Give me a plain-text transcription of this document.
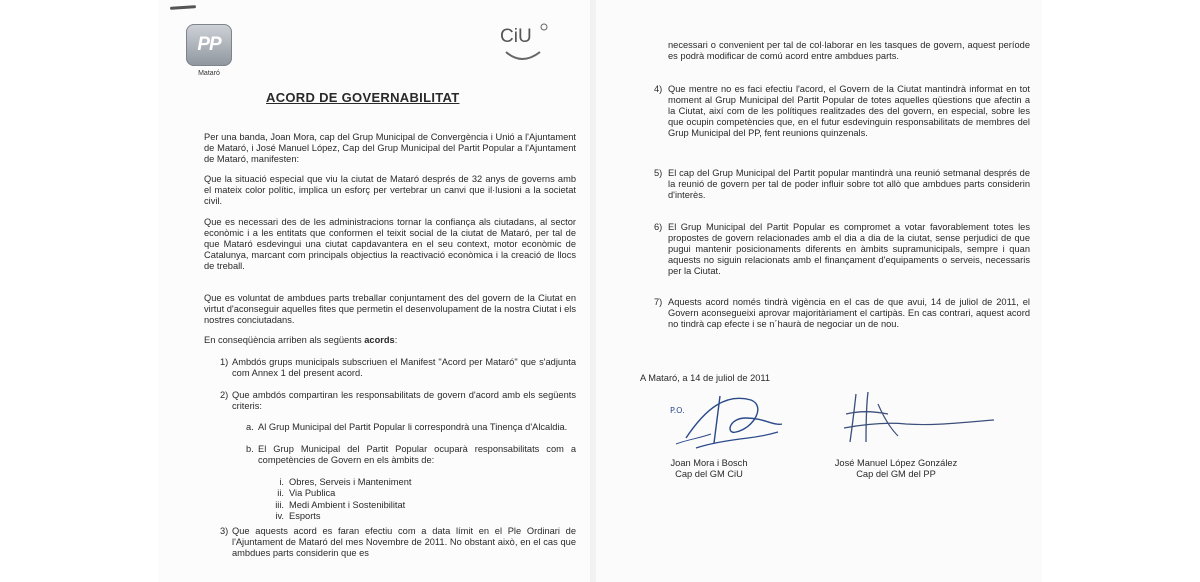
PP
Mataró
CiU
ACORD DE GOVERNABILITAT
Per una banda, Joan Mora, cap del Grup Municipal de Convergència i Unió a l'Ajuntament de Mataró, i José Manuel López, Cap del Grup Municipal del Partit Popular a l'Ajuntament de Mataró, manifesten:
Que la situació especial que viu la ciutat de Mataró després de 32 anys de governs amb el mateix color polític, implica un esforç per vertebrar un canvi que il·lusioni a la societat civil.
Que es necessari des de les administracions tornar la confiança als ciutadans, al sector econòmic i a les entitats que conformen el teixit social de la ciutat de Mataró, per tal de que Mataró esdevingui una ciutat capdavantera en el seu context, motor econòmic de Catalunya, marcant com principals objectius la reactivació econòmica i la creació de llocs de treball.
Que es voluntat de ambdues parts treballar conjuntament des del govern de la Ciutat en virtut d'aconseguir aquelles fites que permetin el desenvolupament de la nostra Ciutat i els nostres conciutadans.
En conseqüència arriben als següents acords:
1) Ambdós grups municipals subscriuen el Manifest "Acord per Mataró" que s'adjunta com Annex 1 del present acord.
2) Que ambdós compartiran les responsabilitats de govern d'acord amb els següents criteris:
a. Al Grup Municipal del Partit Popular li correspondrà una Tinença d'Alcaldia.
b. El Grup Municipal del Partit Popular ocuparà responsabilitats com a competències de Govern en els àmbits de:
i. Obres, Serveis i Manteniment
ii. Via Publica
iii. Medi Ambient i Sostenibilitat
iv. Esports
3) Que aquests acord es faran efectiu com a data límit en el Ple Ordinari de l'Ajuntament de Mataró del mes Novembre de 2011. No obstant això, en el cas que ambdues parts considerin que es
necessari o convenient per tal de col·laborar en les tasques de govern, aquest període es podrà modificar de comú acord entre ambdues parts.
4) Que mentre no es faci efectiu l'acord, el Govern de la Ciutat mantindrà informat en tot moment al Grup Municipal del Partit Popular de totes aquelles qüestions que afectin a la Ciutat, així com de les polítiques realitzades des del govern, en especial, sobre les que ocupin competències que, en el futur esdevinguin responsabilitats de membres del Grup Municipal del PP, fent reunions quinzenals.
5) El cap del Grup Municipal del Partit popular mantindrà una reunió setmanal després de la reunió de govern per tal de poder influir sobre tot allò que ambdues parts considerin d'interès.
6) El Grup Municipal del Partit Popular es compromet a votar favorablement totes les propostes de govern relacionades amb el dia a dia de la ciutat, sense perjudici de que pugui mantenir posicionaments diferents en àmbits supramunicipals, sempre i quan aquests no siguin relacionats amb el finançament d'equipaments o serveis, necessaris per la Ciutat.
7) Aquests acord només tindrà vigència en el cas de que avui, 14 de juliol de 2011, el Govern aconsegueixi aprovar majoritàriament el cartipàs. En cas contrari, aquest acord no tindrà cap efecte i se n´haurà de negociar un de nou.
A Mataró, a 14 de juliol de 2011
P.O.
Joan Mora i Bosch
Cap del GM CiU
José Manuel López González
Cap del GM del PP
